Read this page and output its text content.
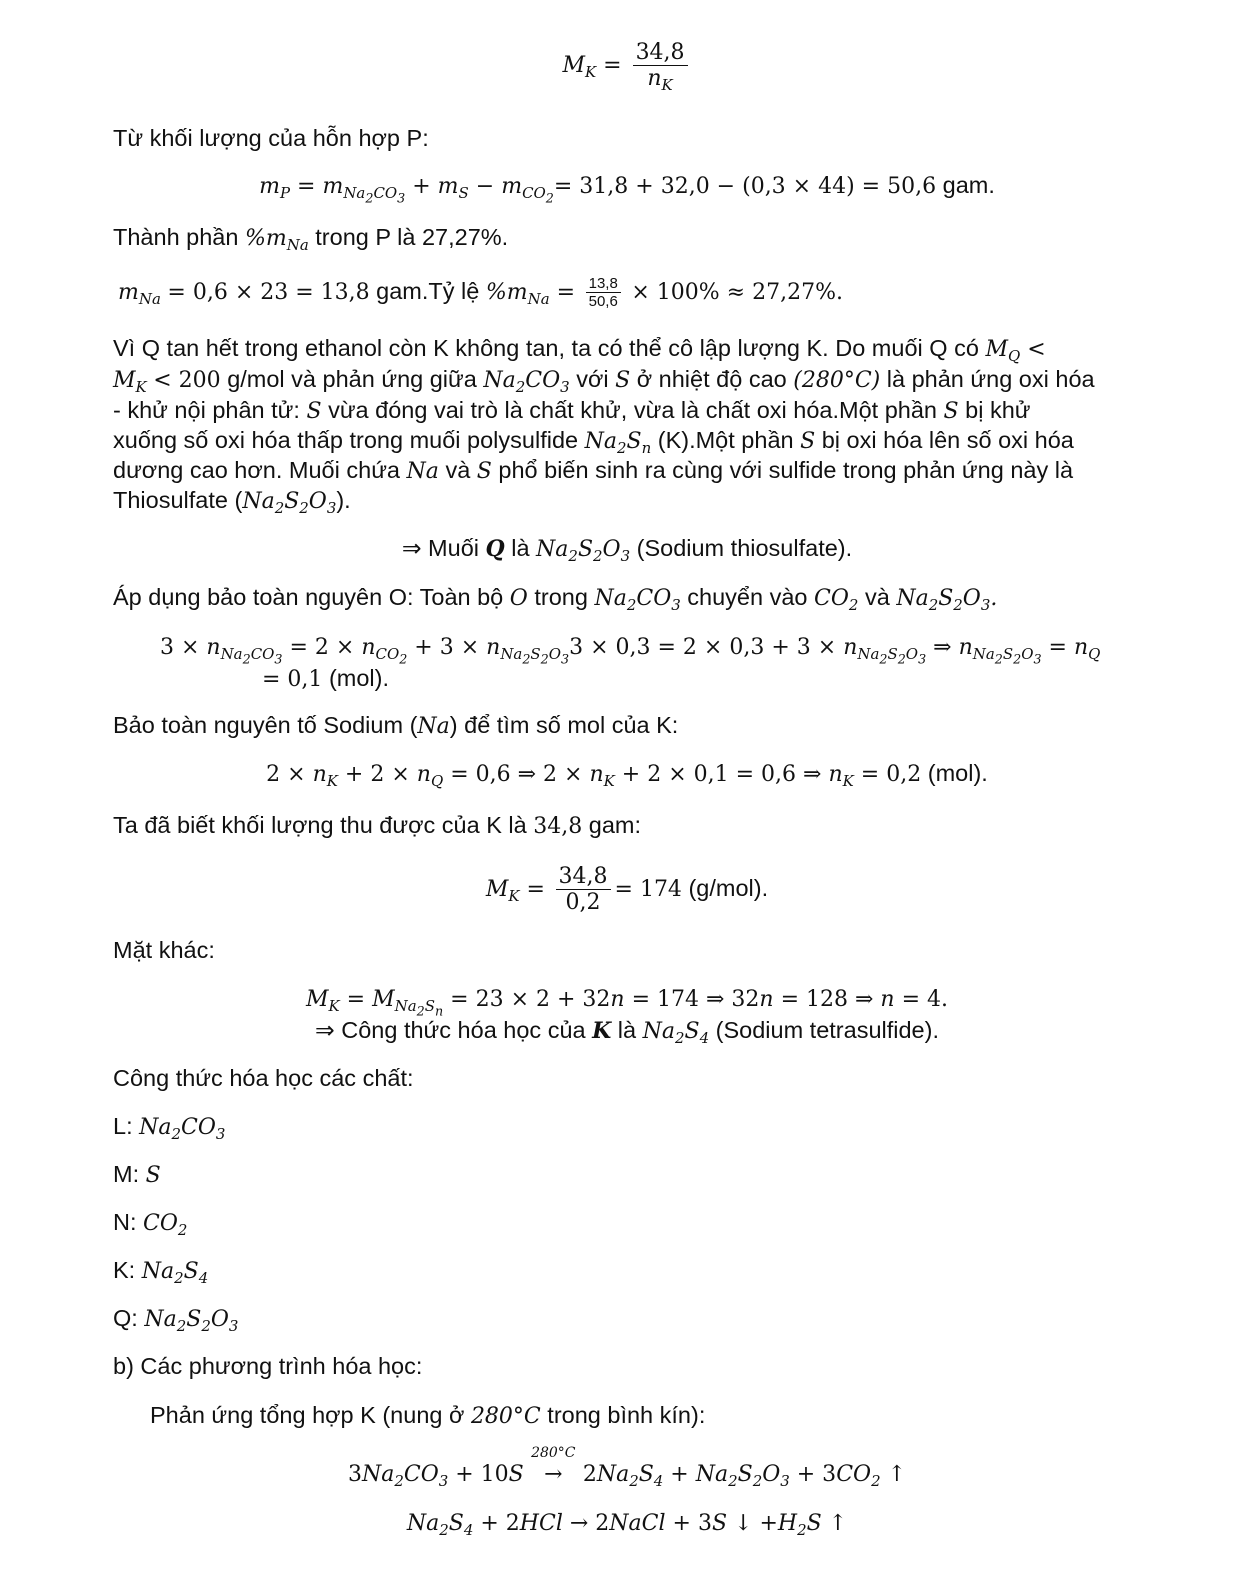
$M_K = \frac{34,8}{n_K}$
Từ khối lượng của hỗn hợp P:
$m_P = m_{Na_2CO_3} + m_S - m_{CO_2}= 31,8 + 32,0 - (0,3 \times 44) = 50,6$ gam.
Thành phần $\%m_{Na}$ trong P là 27,27%.
$m_{Na} = 0,6 \times 23 = 13,8$ gam.Tỷ lệ $\%m_{Na} = \frac{13,8}{50,6} \times 100\% \approx 27,27\%$.
Vì Q tan hết trong ethanol còn K không tan, ta có thể cô lập lượng K. Do muối Q có $M_Q$ <
$M_K < 200$ g/mol và phản ứng giữa $Na_2CO_3$ với S ở nhiệt độ cao (280°C) là phản ứng oxi hóa
- khử nội phân tử: S vừa đóng vai trò là chất khử, vừa là chất oxi hóa.Một phần S bị khử
xuống số oxi hóa thấp trong muối polysulfide $Na_2S_n$ (K).Một phần S bị oxi hóa lên số oxi hóa
dương cao hơn. Muối chứa Na và S phổ biến sinh ra cùng với sulfide trong phản ứng này là
Thiosulfate $(Na_2S_2O_3)$.
⇒ Muối Q là $Na_2S_2O_3$ (Sodium thiosulfate).
Áp dụng bảo toàn nguyên O: Toàn bộ O trong $Na_2CO_3$ chuyển vào $CO_2$ và $Na_2S_2O_3$.
$3 \times n_{Na_2CO_3} = 2 \times n_{CO_2} + 3 \times n_{Na_2S_2O_3}3 \times 0,3 = 2 \times 0,3 + 3 \times n_{Na_2S_2O_3}$ ⇒ $n_{Na_2S_2O_3} = n_Q$
= 0,1 (mol).
Bảo toàn nguyên tố Sodium (Na) để tìm số mol của K:
$2 \times n_K + 2 \times n_Q = 0,6$ ⇒ $2 \times n_K + 2 \times 0,1 = 0,6$ ⇒ $n_K = 0,2$ (mol).
Ta đã biết khối lượng thu được của K là 34,8 gam:
$M_K = \frac{34,8}{0,2} = 174$ (g/mol).
Mặt khác:
$M_K = M_{Na_2S_n} = 23 \times 2 + 32n = 174$ ⇒ 32n = 128 ⇒ n = 4.
⇒ Công thức hóa học của K là $Na_2S_4$ (Sodium tetrasulfide).
Công thức hóa học các chất:
L: $Na_2CO_3$
M: S
N: $CO_2$
K: $Na_2S_4$
Q: $Na_2S_2O_3$
b) Các phương trình hóa học:
Phản ứng tổng hợp K (nung ở 280°C trong bình kín):
$3Na_2CO_3 + 10S$
280°C
→ $2Na_2S_4 + Na_2S_2O_3 + 3CO_2$ ↑
$Na_2S_4 + 2HCl$ → 2NaCl + 3S ↓ $+H_2S$ ↑
